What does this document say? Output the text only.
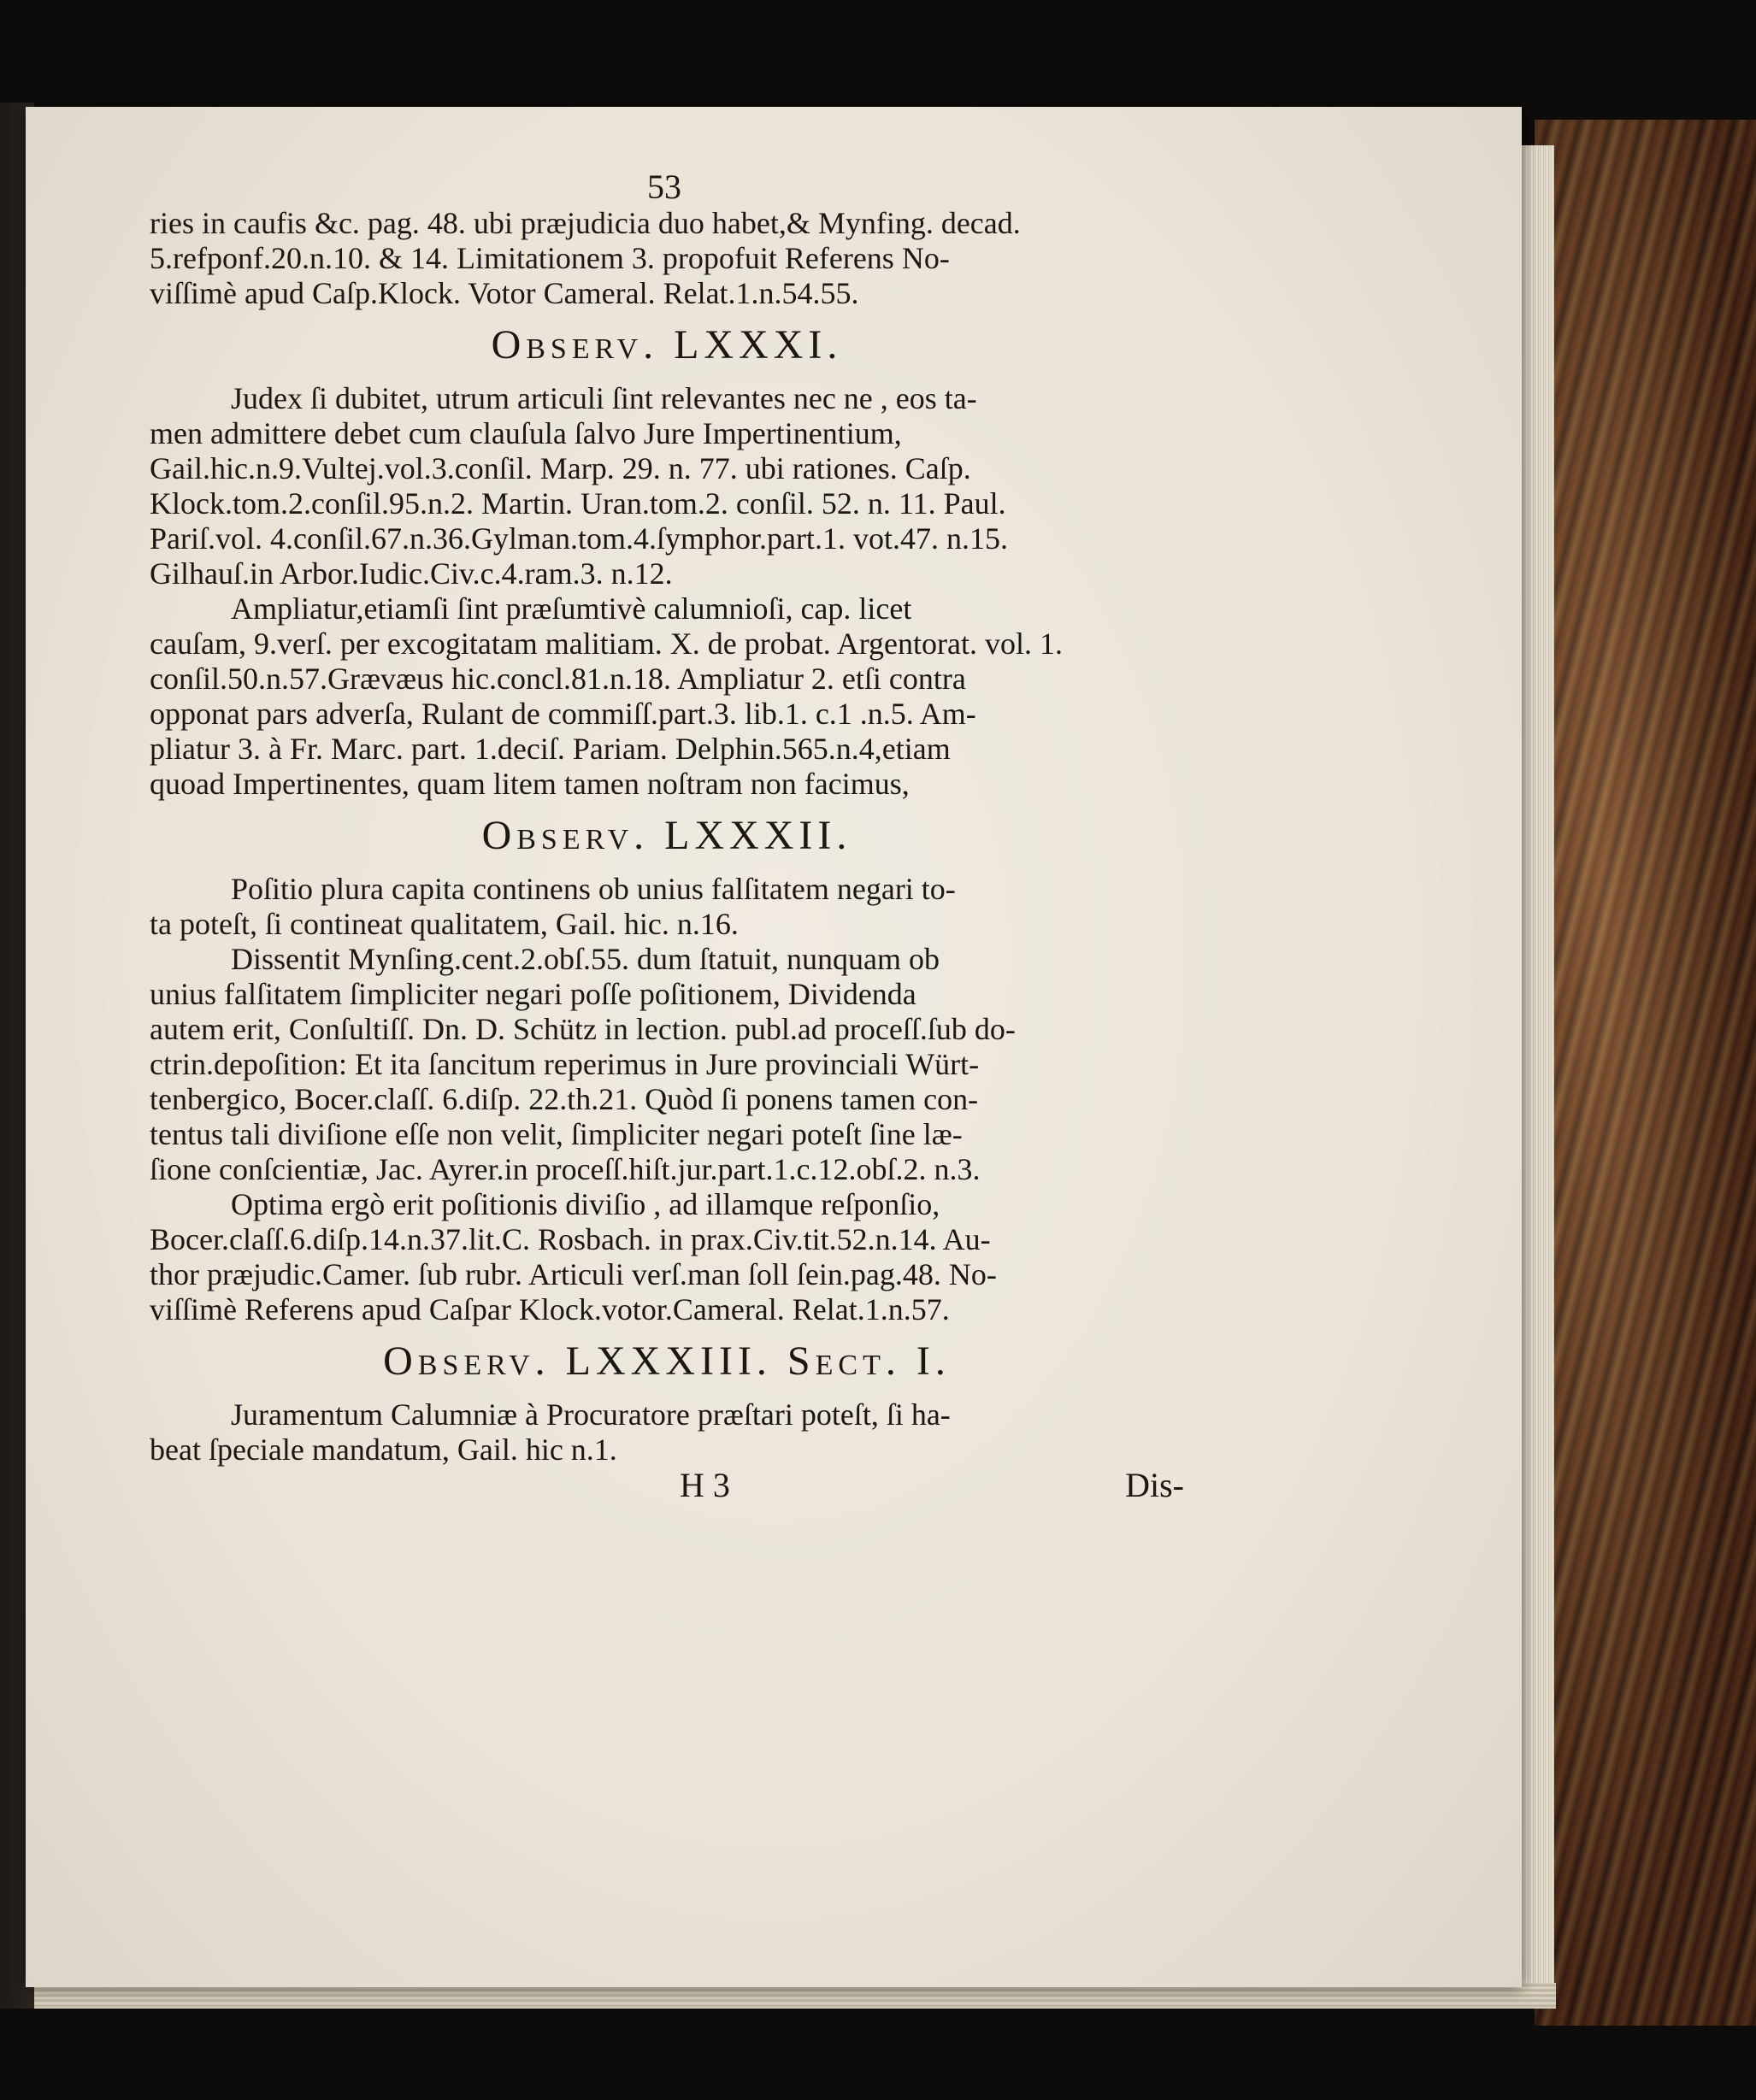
53
ries in caufis &c. pag. 48. ubi præjudicia duo habet,& Mynfing. decad.
5.refponf.20.n.10. & 14. Limitationem 3. propofuit Referens No-
viſſimè apud Caſp.Klock. Votor Cameral. Relat.1.n.54.55.
Observ. LXXXI.
Judex ſi dubitet, utrum articuli ſint relevantes nec ne , eos ta-
men admittere debet cum clauſula ſalvo Jure Impertinentium,
Gail.hic.n.9.Vultej.vol.3.conſil. Marp. 29. n. 77. ubi rationes. Caſp.
Klock.tom.2.conſil.95.n.2. Martin. Uran.tom.2. conſil. 52. n. 11. Paul.
Pariſ.vol. 4.conſil.67.n.36.Gylman.tom.4.ſymphor.part.1. vot.47. n.15.
Gilhauſ.in Arbor.Iudic.Civ.c.4.ram.3. n.12.
Ampliatur,etiamſi ſint præſumtivè calumnioſi, cap. licet
cauſam, 9.verſ. per excogitatam malitiam. X. de probat. Argentorat. vol. 1.
conſil.50.n.57.Grævæus hic.concl.81.n.18. Ampliatur 2. etſi contra
opponat pars adverſa, Rulant de commiſſ.part.3. lib.1. c.1 .n.5. Am-
pliatur 3. à Fr. Marc. part. 1.deciſ. Pariam. Delphin.565.n.4,etiam
quoad Impertinentes, quam litem tamen noſtram non facimus,
Observ. LXXXII.
Poſitio plura capita continens ob unius falſitatem negari to-
ta poteſt, ſi contineat qualitatem, Gail. hic. n.16.
Dissentit Mynſing.cent.2.obſ.55. dum ſtatuit, nunquam ob
unius falſitatem ſimpliciter negari poſſe poſitionem, Dividenda
autem erit, Conſultiſſ. Dn. D. Schütz in lection. publ.ad proceſſ.ſub do-
ctrin.depoſition: Et ita ſancitum reperimus in Jure provinciali Würt-
tenbergico, Bocer.claſſ. 6.diſp. 22.th.21. Quòd ſi ponens tamen con-
tentus tali diviſione eſſe non velit, ſimpliciter negari poteſt ſine læ-
ſione conſcientiæ, Jac. Ayrer.in proceſſ.hiſt.jur.part.1.c.12.obſ.2. n.3.
Optima ergò erit poſitionis diviſio , ad illamque reſponſio,
Bocer.claſſ.6.diſp.14.n.37.lit.C. Rosbach. in prax.Civ.tit.52.n.14. Au-
thor præjudic.Camer. ſub rubr. Articuli verſ.man ſoll ſein.pag.48. No-
viſſimè Referens apud Caſpar Klock.votor.Cameral. Relat.1.n.57.
Observ. LXXXIII. Sect. I.
Juramentum Calumniæ à Procuratore præſtari poteſt, ſi ha-
beat ſpeciale mandatum, Gail. hic n.1.
H 3	Dis-
